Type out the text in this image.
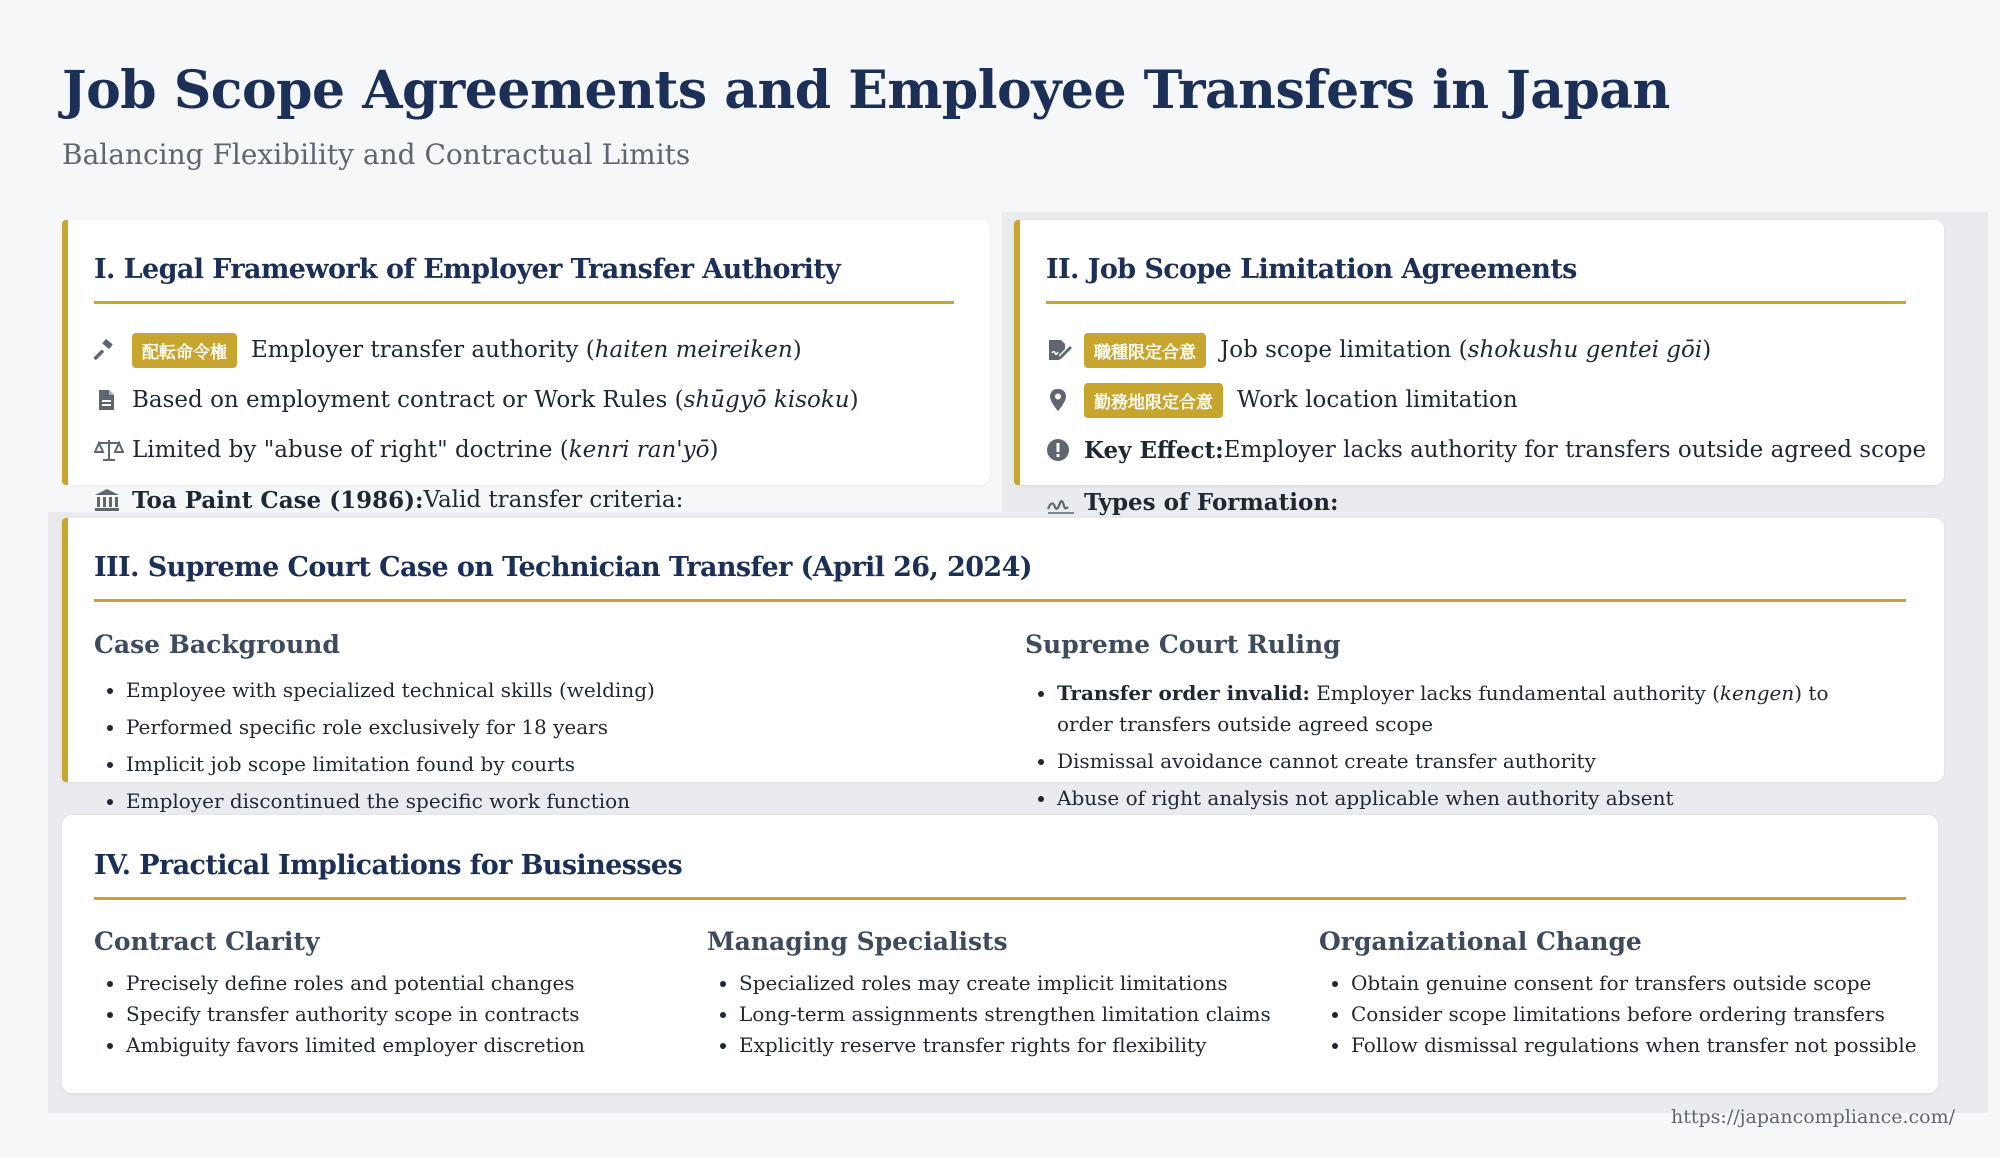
Job Scope Agreements and Employee Transfers in Japan

Balancing Flexibility and Contractual Limits

I. Legal Framework of Employer Transfer Authority
配転命令権	Employer transfer authority ( haiten meireiken )
Based on employment contract or Work Rules ( shūgyō kisoku )
Limited by "abuse of right" doctrine ( kenri ran'yō )
Toa Paint Case (1986): Valid transfer criteria:
II. Job Scope Limitation Agreements
職種限定合意	Job scope limitation ( shokushu gentei gōi )
勤務地限定合意	Work location limitation
Key Effect: Employer lacks authority for transfers outside agreed scope
Types of Formation:
III. Supreme Court Case on Technician Transfer (April 26, 2024)
Case Background
• Employee with specialized technical skills (welding)
• Performed specific role exclusively for 18 years
• Implicit job scope limitation found by courts
• Employer discontinued the specific work function
•
Supreme Court Ruling
• Transfer order invalid: Employer lacks fundamental authority (kengen) to order transfers outside agreed scope
• Dismissal avoidance cannot create transfer authority
• Abuse of right analysis not applicable when authority absent
•
IV. Practical Implications for Businesses
Contract Clarity
• Precisely define roles and potential changes
• Specify transfer authority scope in contracts
• Ambiguity favors limited employer discretion
Managing Specialists
• Specialized roles may create implicit limitations
• Long-term assignments strengthen limitation claims
• Explicitly reserve transfer rights for flexibility
Organizational Change
• Obtain genuine consent for transfers outside scope
• Consider scope limitations before ordering transfers
• Follow dismissal regulations when transfer not possible
https://japancompliance.com/
